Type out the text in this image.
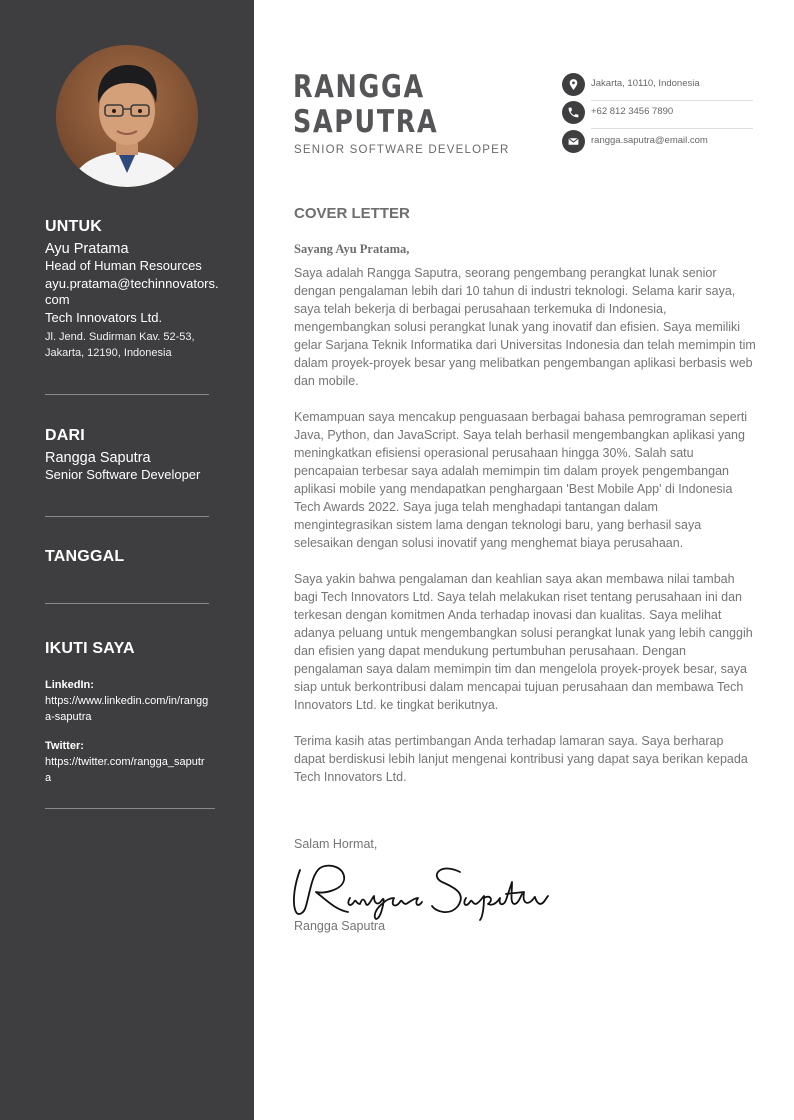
UNTUK
Ayu Pratama
Head of Human Resources
ayu.pratama@techinnovators.com
Tech Innovators Ltd.
Jl. Jend. Sudirman Kav. 52-53, Jakarta, 12190, Indonesia
DARI
Rangga Saputra
Senior Software Developer
TANGGAL
IKUTI SAYA
LinkedIn:
https://www.linkedin.com/in/rangga-saputra
Twitter:
https://twitter.com/rangga_saputra
RANGGA
SAPUTRA
SENIOR SOFTWARE DEVELOPER
Jakarta, 10110, Indonesia
+62 812 3456 7890
rangga.saputra@email.com
COVER LETTER
Sayang Ayu Pratama,

Saya adalah Rangga Saputra, seorang pengembang perangkat lunak senior dengan pengalaman lebih dari 10 tahun di industri teknologi. Selama karir saya, saya telah bekerja di berbagai perusahaan terkemuka di Indonesia, mengembangkan solusi perangkat lunak yang inovatif dan efisien. Saya memiliki gelar Sarjana Teknik Informatika dari Universitas Indonesia dan telah memimpin tim dalam proyek-proyek besar yang melibatkan pengembangan aplikasi berbasis web dan mobile.

Kemampuan saya mencakup penguasaan berbagai bahasa pemrograman seperti Java, Python, dan JavaScript. Saya telah berhasil mengembangkan aplikasi yang meningkatkan efisiensi operasional perusahaan hingga 30%. Salah satu pencapaian terbesar saya adalah memimpin tim dalam proyek pengembangan aplikasi mobile yang mendapatkan penghargaan 'Best Mobile App' di Indonesia Tech Awards 2022. Saya juga telah menghadapi tantangan dalam mengintegrasikan sistem lama dengan teknologi baru, yang berhasil saya selesaikan dengan solusi inovatif yang menghemat biaya perusahaan.

Saya yakin bahwa pengalaman dan keahlian saya akan membawa nilai tambah bagi Tech Innovators Ltd. Saya telah melakukan riset tentang perusahaan ini dan terkesan dengan komitmen Anda terhadap inovasi dan kualitas. Saya melihat adanya peluang untuk mengembangkan solusi perangkat lunak yang lebih canggih dan efisien yang dapat mendukung pertumbuhan perusahaan. Dengan pengalaman saya dalam memimpin tim dan mengelola proyek-proyek besar, saya siap untuk berkontribusi dalam mencapai tujuan perusahaan dan membawa Tech Innovators Ltd. ke tingkat berikutnya.

Terima kasih atas pertimbangan Anda terhadap lamaran saya. Saya berharap dapat berdiskusi lebih lanjut mengenai kontribusi yang dapat saya berikan kepada Tech Innovators Ltd.

Salam Hormat,
Rangga Saputra
